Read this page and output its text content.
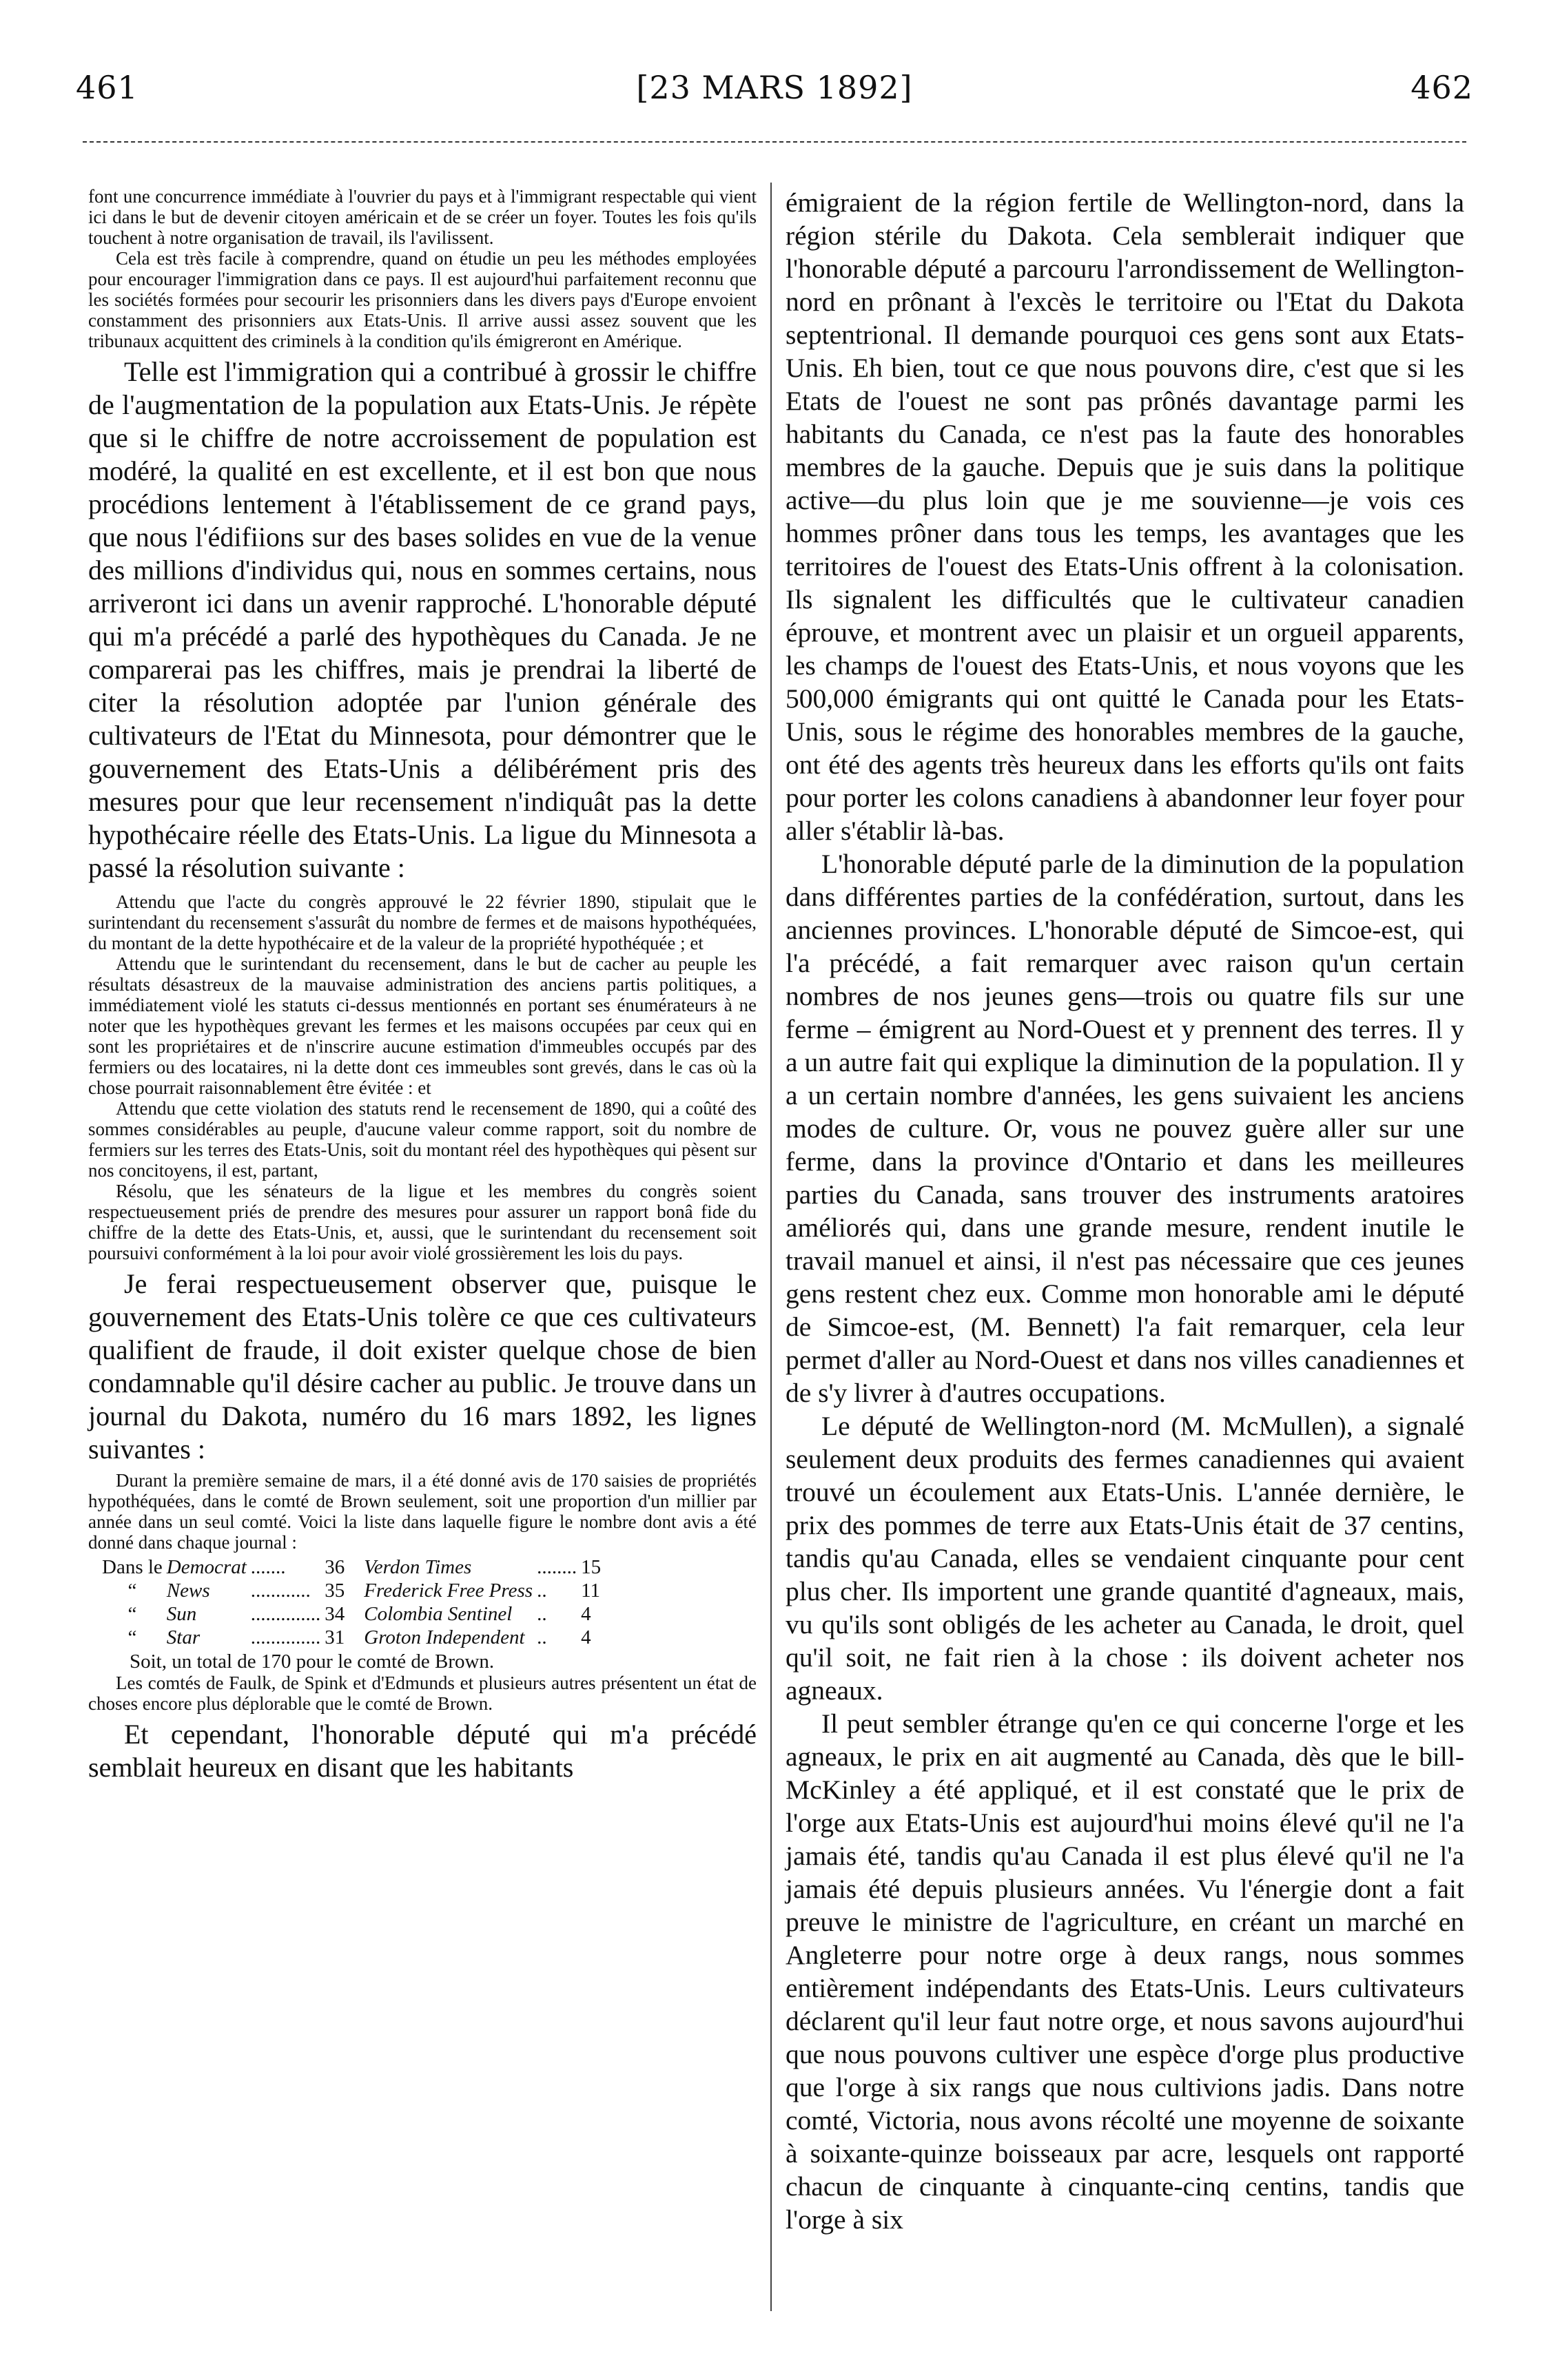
461	[23 MARS 1892]	462

font une concurrence immédiate à l'ouvrier du pays et à l'immigrant respectable qui vient ici dans le but de devenir citoyen américain et de se créer un foyer. Toutes les fois qu'ils touchent à notre organisation de travail, ils l'avilissent.

Cela est très facile à comprendre, quand on étudie un peu les méthodes employées pour encourager l'immigration dans ce pays. Il est aujourd'hui parfaitement reconnu que les sociétés formées pour secourir les prisonniers dans les divers pays d'Europe envoient constamment des prisonniers aux Etats-Unis. Il arrive aussi assez souvent que les tribunaux acquittent des criminels à la condition qu'ils émigreront en Amérique.

Telle est l'immigration qui a contribué à grossir le chiffre de l'augmentation de la population aux Etats-Unis. Je répète que si le chiffre de notre accroissement de population est modéré, la qualité en est excellente, et il est bon que nous procédions lentement à l'établissement de ce grand pays, que nous l'édifiions sur des bases solides en vue de la venue des millions d'individus qui, nous en sommes certains, nous arriveront ici dans un avenir rapproché. L'honorable député qui m'a précédé a parlé des hypothèques du Canada. Je ne comparerai pas les chiffres, mais je prendrai la liberté de citer la résolution adoptée par l'union générale des cultivateurs de l'Etat du Minnesota, pour démontrer que le gouvernement des Etats-Unis a délibérément pris des mesures pour que leur recensement n'indiquât pas la dette hypothécaire réelle des Etats-Unis. La ligue du Minnesota a passé la résolution suivante :

Attendu que l'acte du congrès approuvé le 22 février 1890, stipulait que le surintendant du recensement s'assurât du nombre de fermes et de maisons hypothéquées, du montant de la dette hypothécaire et de la valeur de la propriété hypothéquée ; et

Attendu que le surintendant du recensement, dans le but de cacher au peuple les résultats désastreux de la mauvaise administration des anciens partis politiques, a immédiatement violé les statuts ci-dessus mentionnés en portant ses énumérateurs à ne noter que les hypothèques grevant les fermes et les maisons occupées par ceux qui en sont les propriétaires et de n'inscrire aucune estimation d'immeubles occupés par des fermiers ou des locataires, ni la dette dont ces immeubles sont grevés, dans le cas où la chose pourrait raisonnablement être évitée : et

Attendu que cette violation des statuts rend le recensement de 1890, qui a coûté des sommes considérables au peuple, d'aucune valeur comme rapport, soit du nombre de fermiers sur les terres des Etats-Unis, soit du montant réel des hypothèques qui pèsent sur nos concitoyens, il est, partant,

Résolu, que les sénateurs de la ligue et les membres du congrès soient respectueusement priés de prendre des mesures pour assurer un rapport bonâ fide du chiffre de la dette des Etats-Unis, et, aussi, que le surintendant du recensement soit poursuivi conformément à la loi pour avoir violé grossièrement les lois du pays.

Je ferai respectueusement observer que, puisque le gouvernement des Etats-Unis tolère ce que ces cultivateurs qualifient de fraude, il doit exister quelque chose de bien condamnable qu'il désire cacher au public. Je trouve dans un journal du Dakota, numéro du 16 mars 1892, les lignes suivantes :

Durant la première semaine de mars, il a été donné avis de 170 saisies de propriétés hypothéquées, dans le comté de Brown seulement, soit une proportion d'un millier par année dans un seul comté. Voici la liste dans laquelle figure le nombre dont avis a été donné dans chaque journal :

Dans le	Democrat	.......	36	Verdon Times	........	15
“	News	............	35	Frederick Free Press	..	11
“	Sun	..............	34	Colombia Sentinel	..	4
“	Star	..............	31	Groton Independent	..	4

Soit, un total de 170 pour le comté de Brown.

Les comtés de Faulk, de Spink et d'Edmunds et plusieurs autres présentent un état de choses encore plus déplorable que le comté de Brown.

Et cependant, l'honorable député qui m'a précédé semblait heureux en disant que les habitants

émigraient de la région fertile de Wellington-nord, dans la région stérile du Dakota. Cela semblerait indiquer que l'honorable député a parcouru l'arrondissement de Wellington-nord en prônant à l'excès le territoire ou l'Etat du Dakota septentrional. Il demande pourquoi ces gens sont aux Etats-Unis. Eh bien, tout ce que nous pouvons dire, c'est que si les Etats de l'ouest ne sont pas prônés davantage parmi les habitants du Canada, ce n'est pas la faute des honorables membres de la gauche. Depuis que je suis dans la politique active—du plus loin que je me souvienne—je vois ces hommes prôner dans tous les temps, les avantages que les territoires de l'ouest des Etats-Unis offrent à la colonisation. Ils signalent les difficultés que le cultivateur canadien éprouve, et montrent avec un plaisir et un orgueil apparents, les champs de l'ouest des Etats-Unis, et nous voyons que les 500,000 émigrants qui ont quitté le Canada pour les Etats-Unis, sous le régime des honorables membres de la gauche, ont été des agents très heureux dans les efforts qu'ils ont faits pour porter les colons canadiens à abandonner leur foyer pour aller s'établir là-bas.

L'honorable député parle de la diminution de la population dans différentes parties de la confédération, surtout, dans les anciennes provinces. L'honorable député de Simcoe-est, qui l'a précédé, a fait remarquer avec raison qu'un certain nombres de nos jeunes gens—trois ou quatre fils sur une ferme – émigrent au Nord-Ouest et y prennent des terres. Il y a un autre fait qui explique la diminution de la population. Il y a un certain nombre d'années, les gens suivaient les anciens modes de culture. Or, vous ne pouvez guère aller sur une ferme, dans la province d'Ontario et dans les meilleures parties du Canada, sans trouver des instruments aratoires améliorés qui, dans une grande mesure, rendent inutile le travail manuel et ainsi, il n'est pas nécessaire que ces jeunes gens restent chez eux. Comme mon honorable ami le député de Simcoe-est, (M. Bennett) l'a fait remarquer, cela leur permet d'aller au Nord-Ouest et dans nos villes canadiennes et de s'y livrer à d'autres occupations.

Le député de Wellington-nord (M. McMullen), a signalé seulement deux produits des fermes canadiennes qui avaient trouvé un écoulement aux Etats-Unis. L'année dernière, le prix des pommes de terre aux Etats-Unis était de 37 centins, tandis qu'au Canada, elles se vendaient cinquante pour cent plus cher. Ils importent une grande quantité d'agneaux, mais, vu qu'ils sont obligés de les acheter au Canada, le droit, quel qu'il soit, ne fait rien à la chose : ils doivent acheter nos agneaux.

Il peut sembler étrange qu'en ce qui concerne l'orge et les agneaux, le prix en ait augmenté au Canada, dès que le bill-McKinley a été appliqué, et il est constaté que le prix de l'orge aux Etats-Unis est aujourd'hui moins élevé qu'il ne l'a jamais été, tandis qu'au Canada il est plus élevé qu'il ne l'a jamais été depuis plusieurs années. Vu l'énergie dont a fait preuve le ministre de l'agriculture, en créant un marché en Angleterre pour notre orge à deux rangs, nous sommes entièrement indépendants des Etats-Unis. Leurs cultivateurs déclarent qu'il leur faut notre orge, et nous savons aujourd'hui que nous pouvons cultiver une espèce d'orge plus productive que l'orge à six rangs que nous cultivions jadis. Dans notre comté, Victoria, nous avons récolté une moyenne de soixante à soixante-quinze boisseaux par acre, lesquels ont rapporté chacun de cinquante à cinquante-cinq centins, tandis que l'orge à six
